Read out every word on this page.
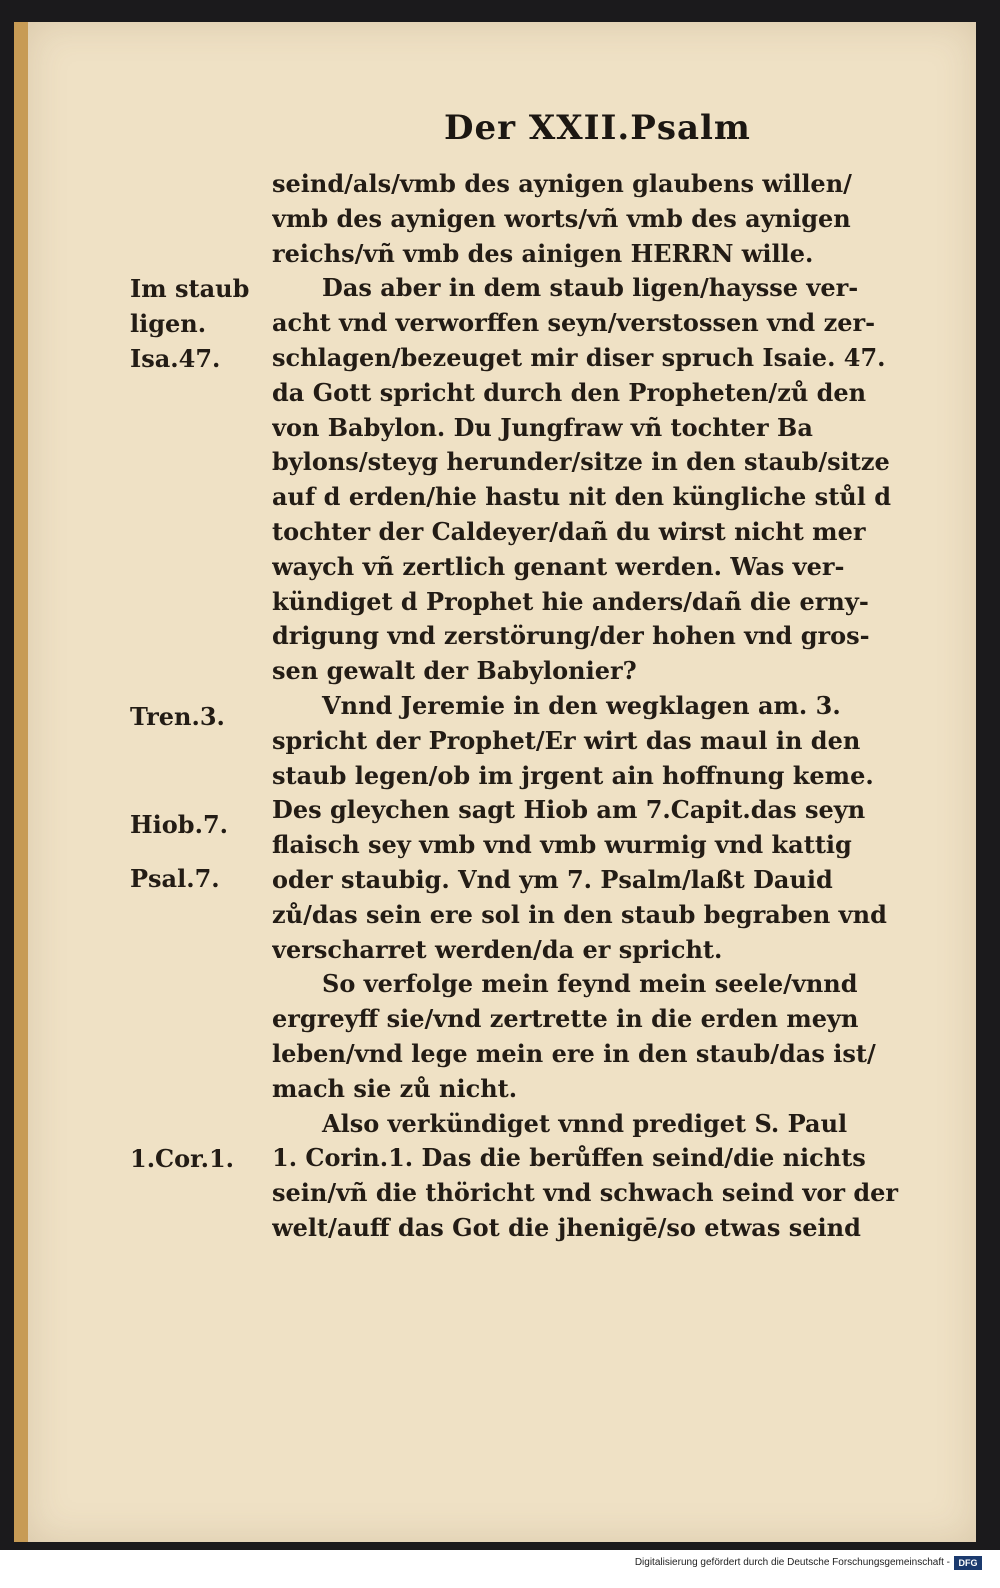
Der XXII.Psalm
seind/als/vmb des aynigen glaubens willen/
vmb des aynigen worts/vñ vmb des aynigen
reichs/vñ vmb des ainigen HERRN wille.
Das aber in dem staub ligen/haysse ver-
acht vnd verworffen seyn/verstossen vnd zer-
schlagen/bezeuget mir diser spruch Isaie. 47.
da Gott spricht durch den Propheten/zů den
von Babylon. Du Jungfraw vñ tochter Ba
bylons/steyg herunder/sitze in den staub/sitze
auf d erden/hie hastu nit den küngliche stůl d
tochter der Caldeyer/dañ du wirst nicht mer
waych vñ zertlich genant werden. Was ver-
kündiget d Prophet hie anders/dañ die erny-
drigung vnd zerstörung/der hohen vnd gros-
sen gewalt der Babylonier?
Vnnd Jeremie in den wegklagen am. 3.
spricht der Prophet/Er wirt das maul in den
staub legen/ob im jrgent ain hoffnung keme.
Des gleychen sagt Hiob am 7.Capit.das seyn
flaisch sey vmb vnd vmb wurmig vnd kattig
oder staubig. Vnd ym 7. Psalm/laßt Dauid
zů/das sein ere sol in den staub begraben vnd
verscharret werden/da er spricht.
So verfolge mein feynd mein seele/vnnd
ergreyff sie/vnd zertrette in die erden meyn
leben/vnd lege mein ere in den staub/das ist/
mach sie zů nicht.
Also verkündiget vnnd prediget S. Paul
1. Corin.1. Das die berůffen seind/die nichts
sein/vñ die thöricht vnd schwach seind vor der
welt/auff das Got die jhenigē/so etwas seind
Im staub
ligen.
Isa.47.
Tren.3.
Hiob.7.
Psal.7.
1.Cor.1.
Digitalisierung gefördert durch die Deutsche Forschungsgemeinschaft - DFG
